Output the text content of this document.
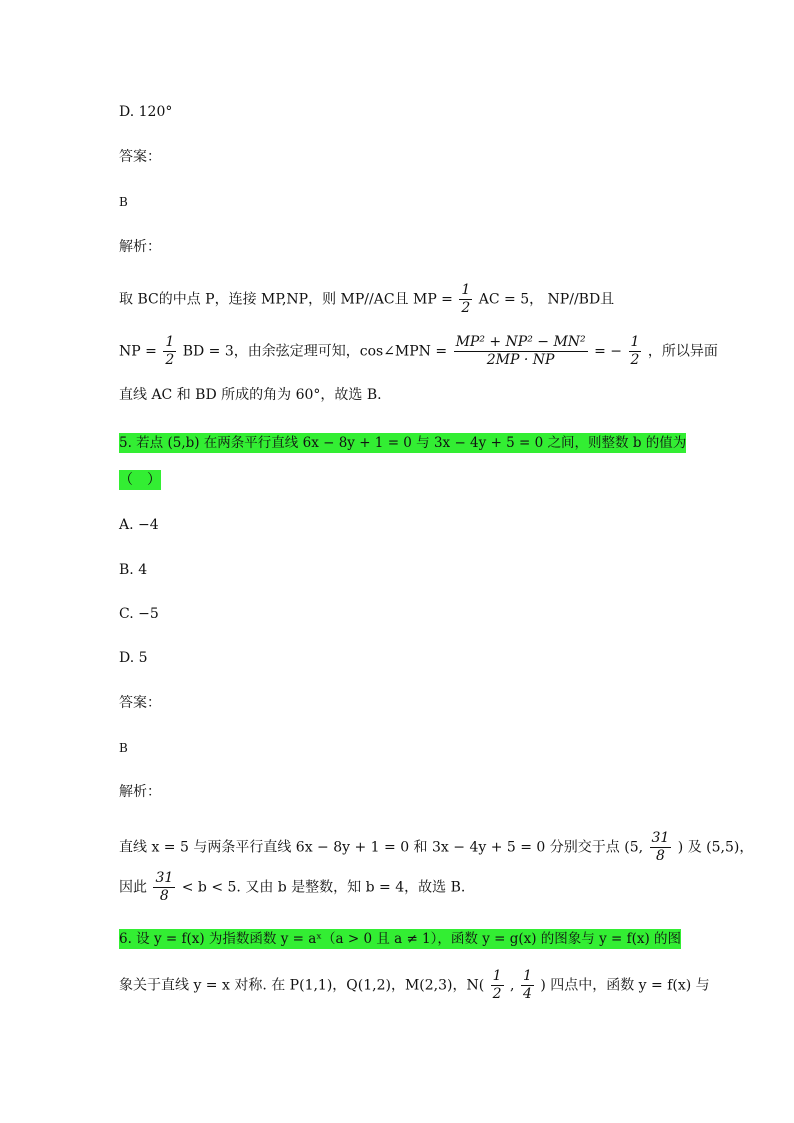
D. 120°
答案：
B
解析：
取 BC的中点 P，连接 MP,NP，则 MP//AC且 MP = $\frac{1}{2}$ AC = 5， NP//BD且
NP = $\frac{1}{2}$ BD = 3，由余弦定理可知，cos∠MPN = $\frac{\text{MP² + NP² − MN²}}{2MP \cdot NP}$ = − $\frac{1}{2}$ ，所以异面
直线 AC 和 BD 所成的角为 60°，故选 B.
5. 若点 (5,b) 在两条平行直线 6x − 8y + 1 = 0 与 3x − 4y + 5 = 0 之间，则整数 b 的值为
（　）
A. −4
B. 4
C. −5
D. 5
答案：
B
解析：
直线 x = 5 与两条平行直线 6x − 8y + 1 = 0 和 3x − 4y + 5 = 0 分别交于点 (5, $\frac{31}{8}$ ) 及 (5,5)，
因此 $\frac{31}{8} < b < 5$. 又由 b 是整数，知 b = 4，故选 B.
6. 设 y = f(x) 为指数函数 y = aˣ（a > 0 且 a ≠ 1），函数 y = g(x) 的图象与 y = f(x) 的图
象关于直线 y = x 对称. 在 P(1,1)，Q(1,2)，M(2,3)，$N( \frac{1}{2}$ , $\frac{1}{4}$ ) 四点中，函数 y = f(x) 与
